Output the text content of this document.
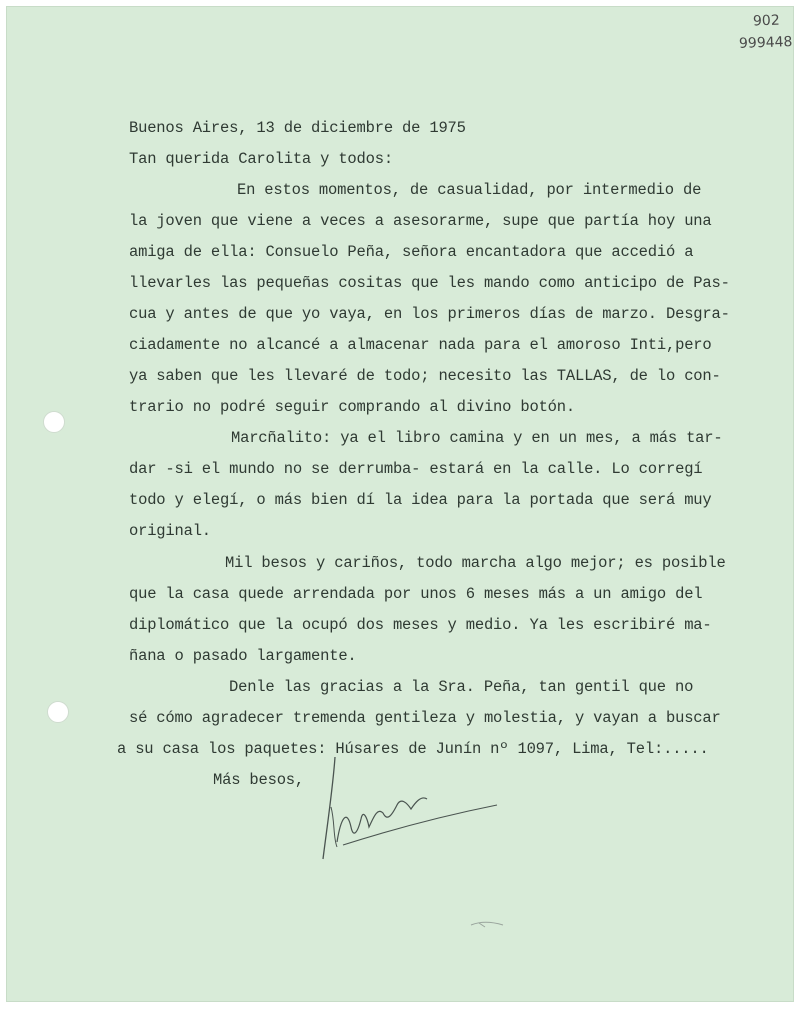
902
999448
Buenos Aires, 13 de diciembre de 1975
Tan querida Carolita y todos:
En estos momentos, de casualidad, por intermedio de
la joven que viene a veces a asesorarme, supe que partía hoy una
amiga de ella: Consuelo Peña, señora encantadora que accedió a
llevarles las pequeñas cositas que les mando como anticipo de Pas-
cua y antes de que yo vaya, en los primeros días de marzo. Desgra-
ciadamente no alcancé a almacenar nada para el amoroso Inti,pero
ya saben que les llevaré de todo; necesito las TALLAS, de lo con-
trario no podré seguir comprando al divino botón.
Marcñalito: ya el libro camina y en un mes, a más tar-
dar -si el mundo no se derrumba- estará en la calle. Lo corregí
todo y elegí, o más bien dí la idea para la portada que será muy
original.
Mil besos y cariños, todo marcha algo mejor; es posible
que la casa quede arrendada por unos 6 meses más a un amigo del
diplomático que la ocupó dos meses y medio. Ya les escribiré ma-
ñana o pasado largamente.
Denle las gracias a la Sra. Peña, tan gentil que no
sé cómo agradecer tremenda gentileza y molestia, y vayan a buscar
a su casa los paquetes: Húsares de Junín nº 1097, Lima, Tel:.....
Más besos,
